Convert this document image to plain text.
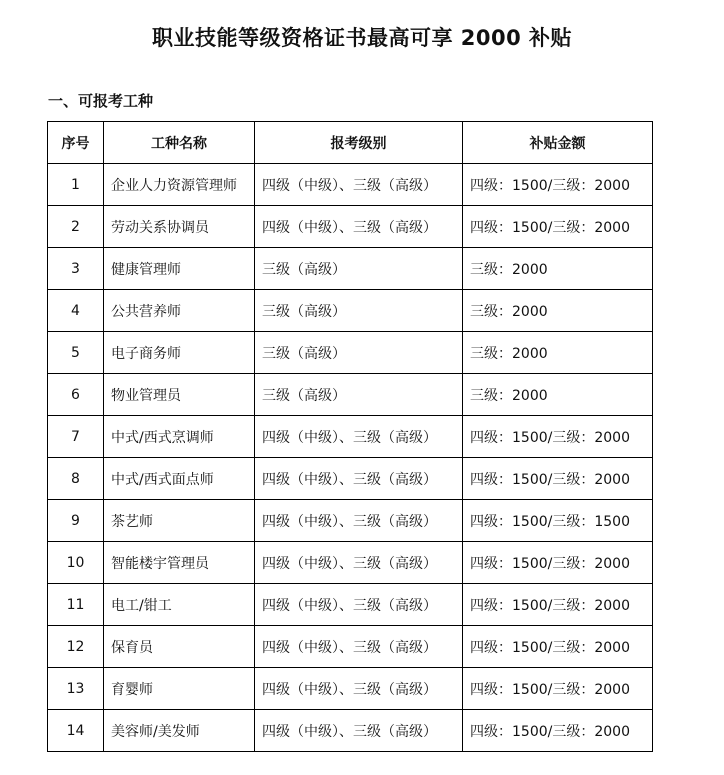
职业技能等级资格证书最高可享 2000 补贴
一、可报考工种
序号	工种名称	报考级别	补贴金额
1	企业人力资源管理师	四级（中级）、三级（高级）	四级：1500/三级：2000
2	劳动关系协调员	四级（中级）、三级（高级）	四级：1500/三级：2000
3	健康管理师	三级（高级）	三级：2000
4	公共营养师	三级（高级）	三级：2000
5	电子商务师	三级（高级）	三级：2000
6	物业管理员	三级（高级）	三级：2000
7	中式/西式烹调师	四级（中级）、三级（高级）	四级：1500/三级：2000
8	中式/西式面点师	四级（中级）、三级（高级）	四级：1500/三级：2000
9	茶艺师	四级（中级）、三级（高级）	四级：1500/三级：1500
10	智能楼宇管理员	四级（中级）、三级（高级）	四级：1500/三级：2000
11	电工/钳工	四级（中级）、三级（高级）	四级：1500/三级：2000
12	保育员	四级（中级）、三级（高级）	四级：1500/三级：2000
13	育婴师	四级（中级）、三级（高级）	四级：1500/三级：2000
14	美容师/美发师	四级（中级）、三级（高级）	四级：1500/三级：2000
